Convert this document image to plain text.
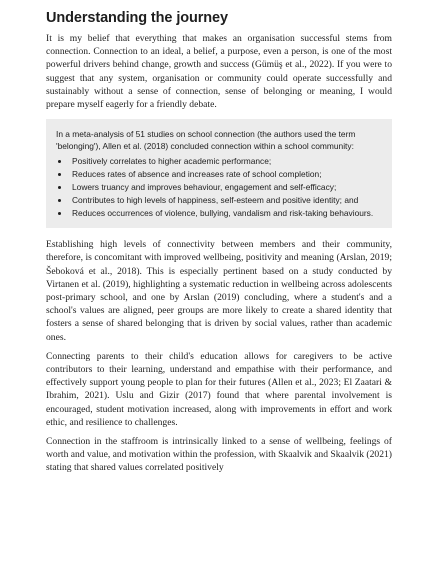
Understanding the journey

It is my belief that everything that makes an organisation successful stems from connection. Connection to an ideal, a belief, a purpose, even a person, is one of the most powerful drivers behind change, growth and success (Gümüş et al., 2022). If you were to suggest that any system, organisation or community could operate successfully and sustainably without a sense of connection, sense of belonging or meaning, I would prepare myself eagerly for a friendly debate.

In a meta-analysis of 51 studies on school connection (the authors used the term 'belonging'), Allen et al. (2018) concluded connection within a school community:

• Positively correlates to higher academic performance;
• Reduces rates of absence and increases rate of school completion;
• Lowers truancy and improves behaviour, engagement and self-efficacy;
• Contributes to high levels of happiness, self-esteem and positive identity; and
• Reduces occurrences of violence, bullying, vandalism and risk-taking behaviours.

Establishing high levels of connectivity between members and their community, therefore, is concomitant with improved wellbeing, positivity and meaning (Arslan, 2019; Šeboková et al., 2018). This is especially pertinent based on a study conducted by Virtanen et al. (2019), highlighting a systematic reduction in wellbeing across adolescents post-primary school, and one by Arslan (2019) concluding, where a student's and a school's values are aligned, peer groups are more likely to create a shared identity that fosters a sense of shared belonging that is driven by social values, rather than academic ones.

Connecting parents to their child's education allows for caregivers to be active contributors to their learning, understand and empathise with their performance, and effectively support young people to plan for their futures (Allen et al., 2023; El Zaatari & Ibrahim, 2021). Uslu and Gizir (2017) found that where parental involvement is encouraged, student motivation increased, along with improvements in effort and work ethic, and resilience to challenges.

Connection in the staffroom is intrinsically linked to a sense of wellbeing, feelings of worth and value, and motivation within the profession, with Skaalvik and Skaalvik (2021) stating that shared values correlated positively
